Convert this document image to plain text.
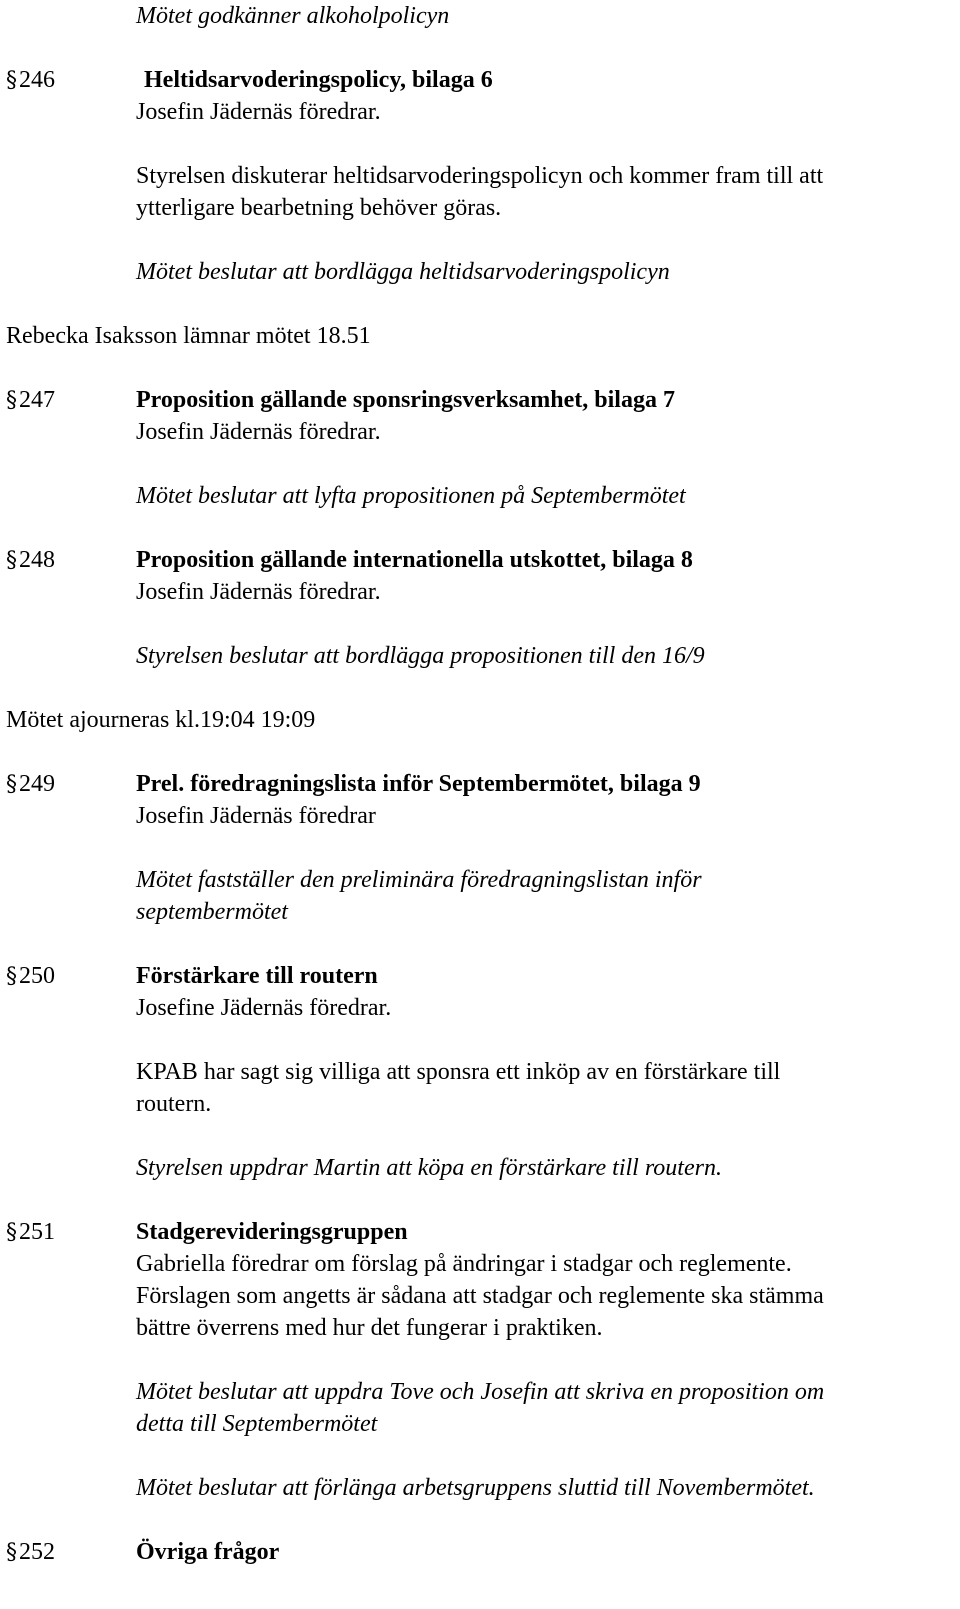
Mötet godkänner alkoholpolicyn
§246	Heltidsarvoderingspolicy, bilaga 6
Josefin Jädernäs föredrar.
Styrelsen diskuterar heltidsarvoderingspolicyn och kommer fram till att
ytterligare bearbetning behöver göras.
Mötet beslutar att bordlägga heltidsarvoderingspolicyn
Rebecka Isaksson lämnar mötet 18.51
§247	Proposition gällande sponsringsverksamhet, bilaga 7
Josefin Jädernäs föredrar.
Mötet beslutar att lyfta propositionen på Septembermötet
§248	Proposition gällande internationella utskottet, bilaga 8
Josefin Jädernäs föredrar.
Styrelsen beslutar att bordlägga propositionen till den 16/9
Mötet ajourneras kl.19:04 19:09
§249	Prel. föredragningslista inför Septembermötet, bilaga 9
Josefin Jädernäs föredrar
Mötet fastställer den preliminära föredragningslistan inför
septembermötet
§250	Förstärkare till routern
Josefine Jädernäs föredrar.
KPAB har sagt sig villiga att sponsra ett inköp av en förstärkare till
routern.
Styrelsen uppdrar Martin att köpa en förstärkare till routern.
§251	Stadgerevideringsgruppen
Gabriella föredrar om förslag på ändringar i stadgar och reglemente.
Förslagen som angetts är sådana att stadgar och reglemente ska stämma
bättre överrens med hur det fungerar i praktiken.
Mötet beslutar att uppdra Tove och Josefin att skriva en proposition om
detta till Septembermötet
Mötet beslutar att förlänga arbetsgruppens sluttid till Novembermötet.
§252	Övriga frågor
